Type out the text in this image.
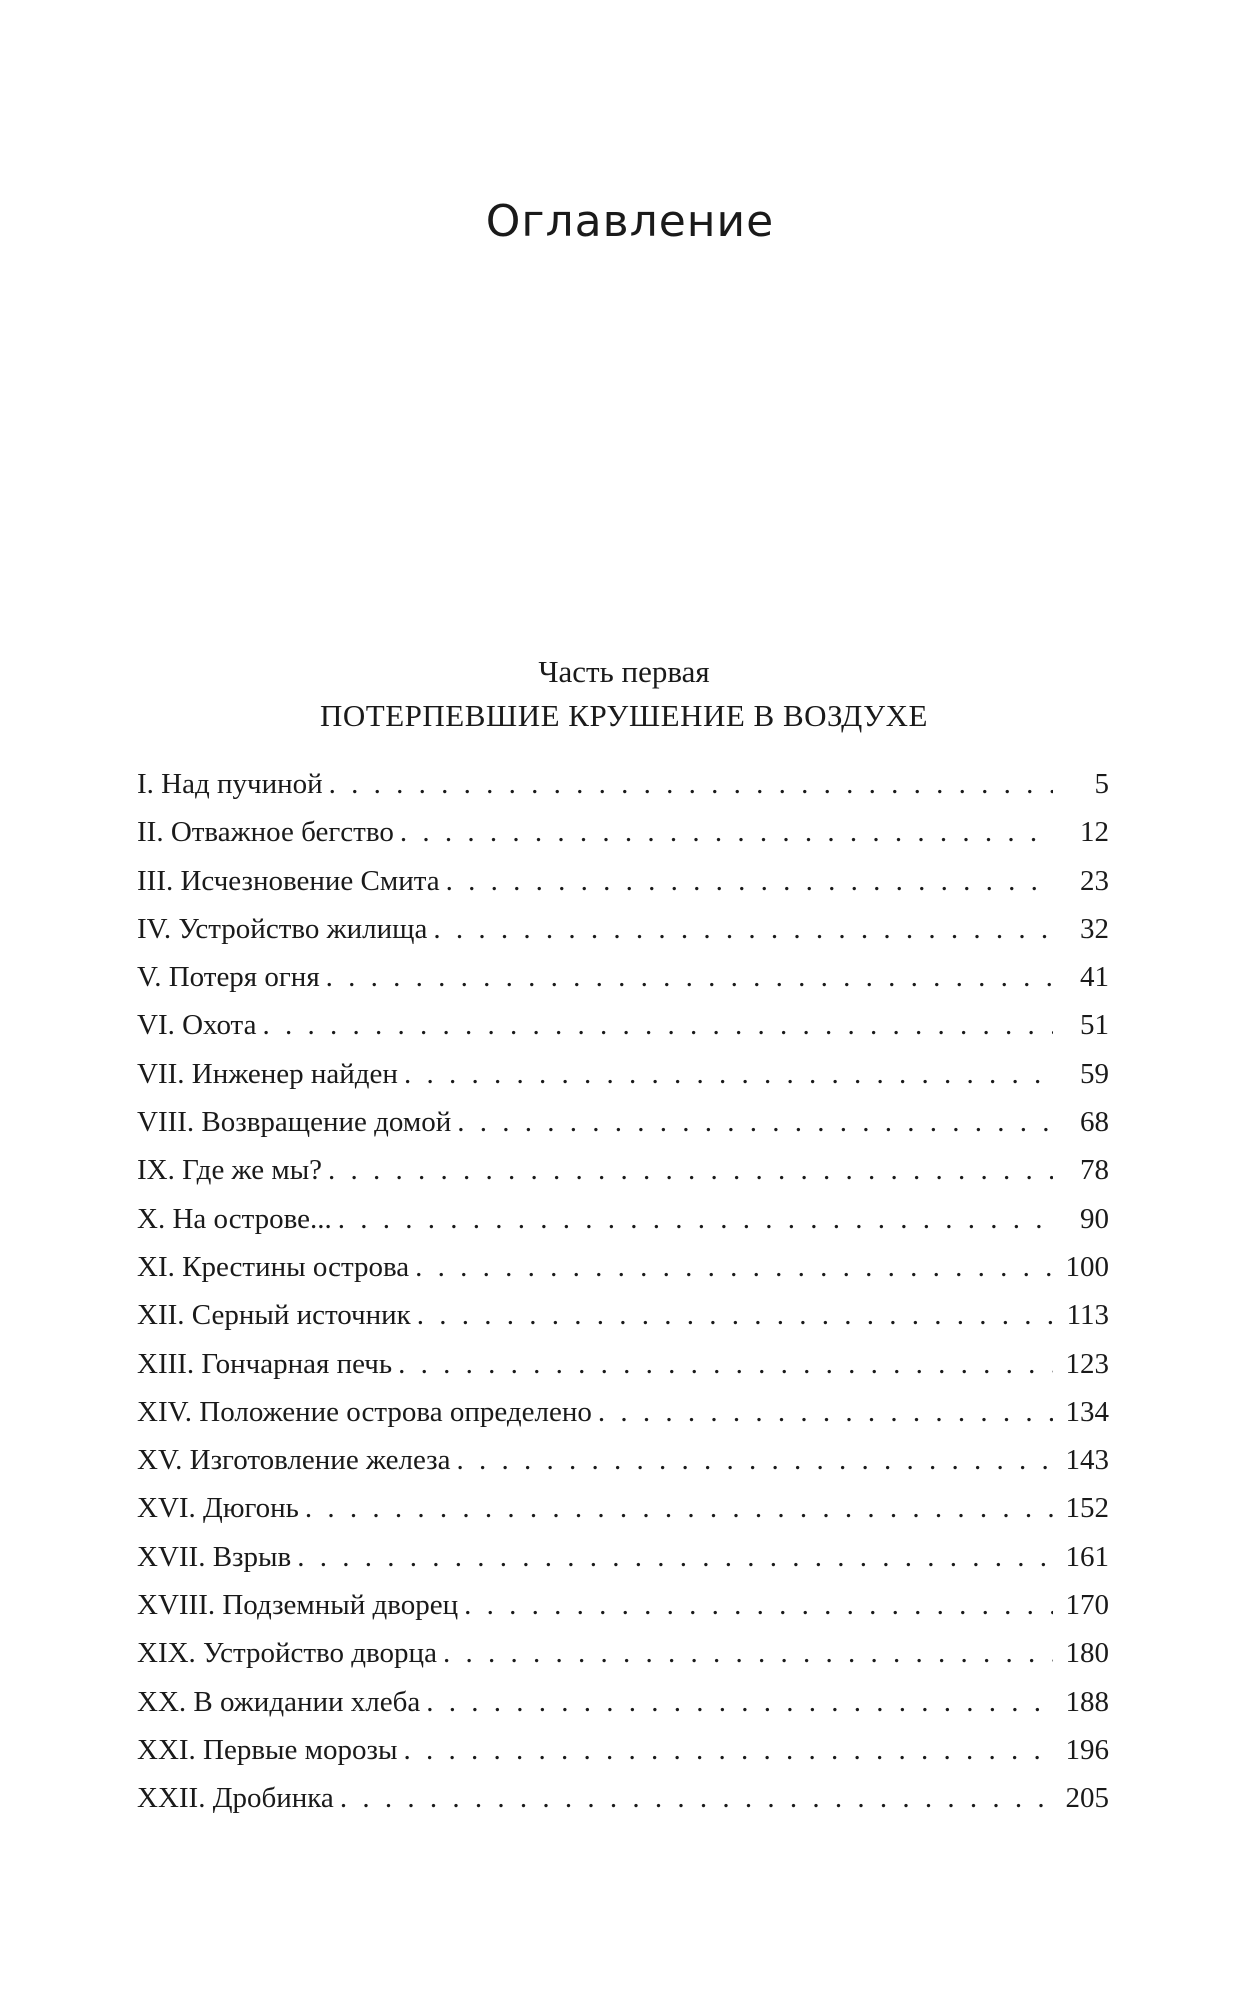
Оглавление
Часть первая
ПОТЕРПЕВШИЕ КРУШЕНИЕ В ВОЗДУХЕ
I. Над пучиной . . .	5
II. Отважное бегство . . .	12
III. Исчезновение Смита . . .	23
IV. Устройство жилища . . .	32
V. Потеря огня . . .	41
VI. Охота . . .	51
VII. Инженер найден . . .	59
VIII. Возвращение домой . . .	68
IX. Где же мы? . . .	78
X. На острове... . . .	90
XI. Крестины острова . . .	100
XII. Серный источник . . .	113
XIII. Гончарная печь . . .	123
XIV. Положение острова определено . . .	134
XV. Изготовление железа . . .	143
XVI. Дюгонь . . .	152
XVII. Взрыв . . .	161
XVIII. Подземный дворец . . .	170
XIX. Устройство дворца . . .	180
XX. В ожидании хлеба . . .	188
XXI. Первые морозы . . .	196
XXII. Дробинка . . .	205
